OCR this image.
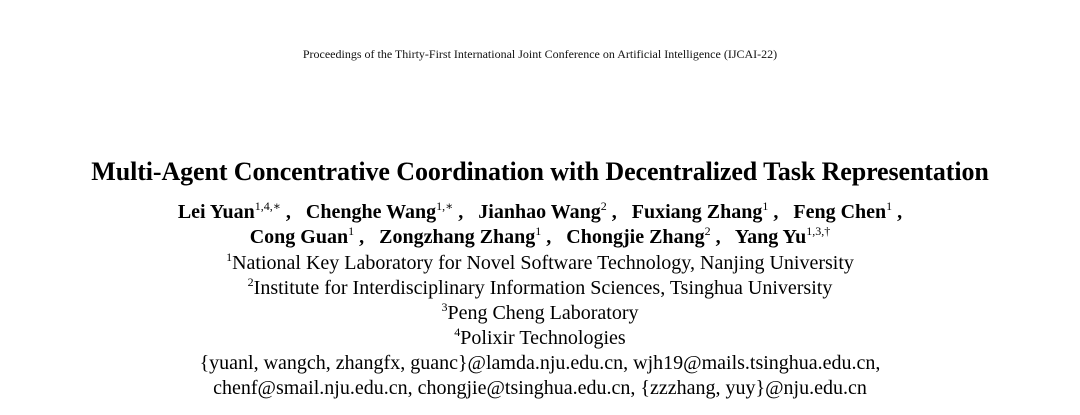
Proceedings of the Thirty-First International Joint Conference on Artificial Intelligence (IJCAI-22)
Multi-Agent Concentrative Coordination with Decentralized Task Representation
Lei Yuan$^{1,4,∗}$ ,   Chenghe Wang$^{1,∗}$ ,   Jianhao Wang$^2$ ,   Fuxiang Zhang$^1$ ,   Feng Chen$^1$ ,
Cong Guan$^1$ ,   Zongzhang Zhang$^1$ ,   Chongjie Zhang$^2$ ,   Yang $Yu^{1,3,\dagger}$
$^1$National Key Laboratory for Novel Software Technology, Nanjing University
$^2$Institute for Interdisciplinary Information Sciences, Tsinghua University
$^3$Peng Cheng Laboratory
$^4$Polixir Technologies
{yuanl, wangch, zhangfx, guanc}@lamda.nju.edu.cn, wjh19@mails.tsinghua.edu.cn,
chenf@smail.nju.edu.cn, chongjie@tsinghua.edu.cn, {zzzhang, yuy}@nju.edu.cn
